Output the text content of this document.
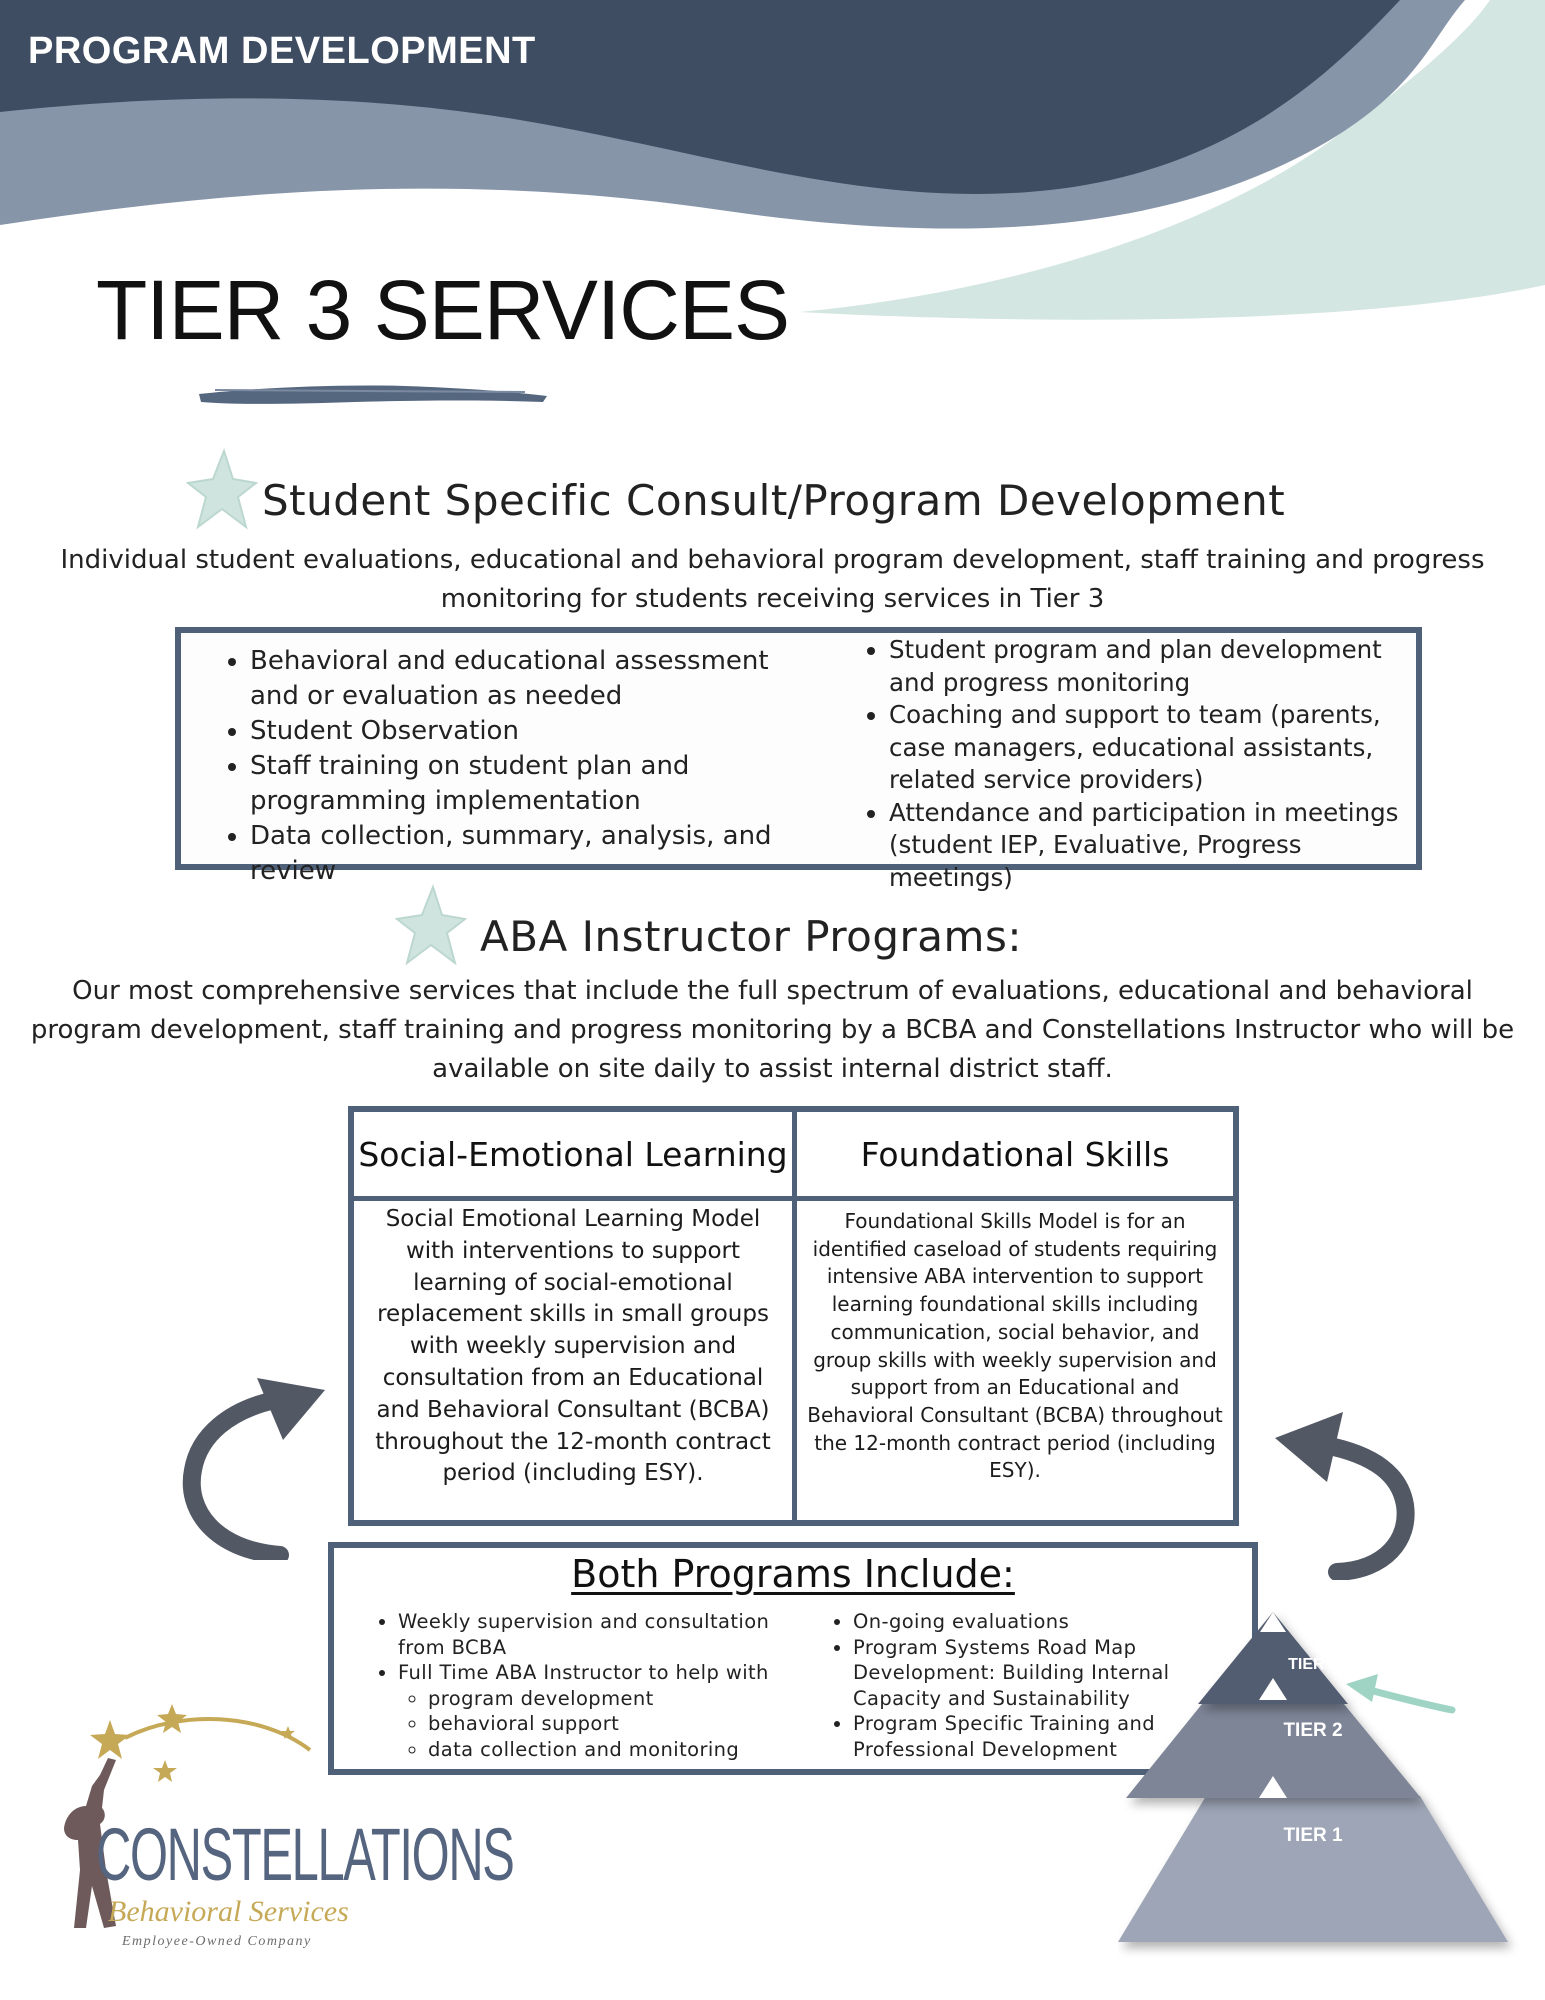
PROGRAM DEVELOPMENT
TIER 3 SERVICES
Student Specific Consult/Program Development
Individual student evaluations, educational and behavioral program development, staff training and progress monitoring for students receiving services in Tier 3
• Behavioral and educational assessment and or evaluation as needed
• Student Observation
• Staff training on student plan and programming implementation
• Data collection, summary, analysis, and review
• Student program and plan development and progress monitoring
• Coaching and support to team (parents, case managers, educational assistants, related service providers)
• Attendance and participation in meetings (student IEP, Evaluative, Progress meetings)
ABA Instructor Programs:
Our most comprehensive services that include the full spectrum of evaluations, educational and behavioral program development, staff training and progress monitoring by a BCBA and Constellations Instructor who will be available on site daily to assist internal district staff.
Social-Emotional Learning
Social Emotional Learning Model with interventions to support learning of social-emotional replacement skills in small groups with weekly supervision and consultation from an Educational and Behavioral Consultant (BCBA) throughout the 12-month contract period (including ESY).
Foundational Skills
Foundational Skills Model is for an identified caseload of students requiring intensive ABA intervention to support learning foundational skills including communication, social behavior, and group skills with weekly supervision and support from an Educational and Behavioral Consultant (BCBA) throughout the 12-month contract period (including ESY).
Both Programs Include:
• Weekly supervision and consultation from BCBA
• Full Time ABA Instructor to help with
◦ program development
◦ behavioral support
◦ data collection and monitoring
• On-going evaluations
• Program Systems Road Map Development: Building Internal Capacity and Sustainability
• Program Specific Training and Professional Development
TIER 3
TIER 2
TIER 1
CONSTELLATIONS
Behavioral Services
Employee-Owned Company
